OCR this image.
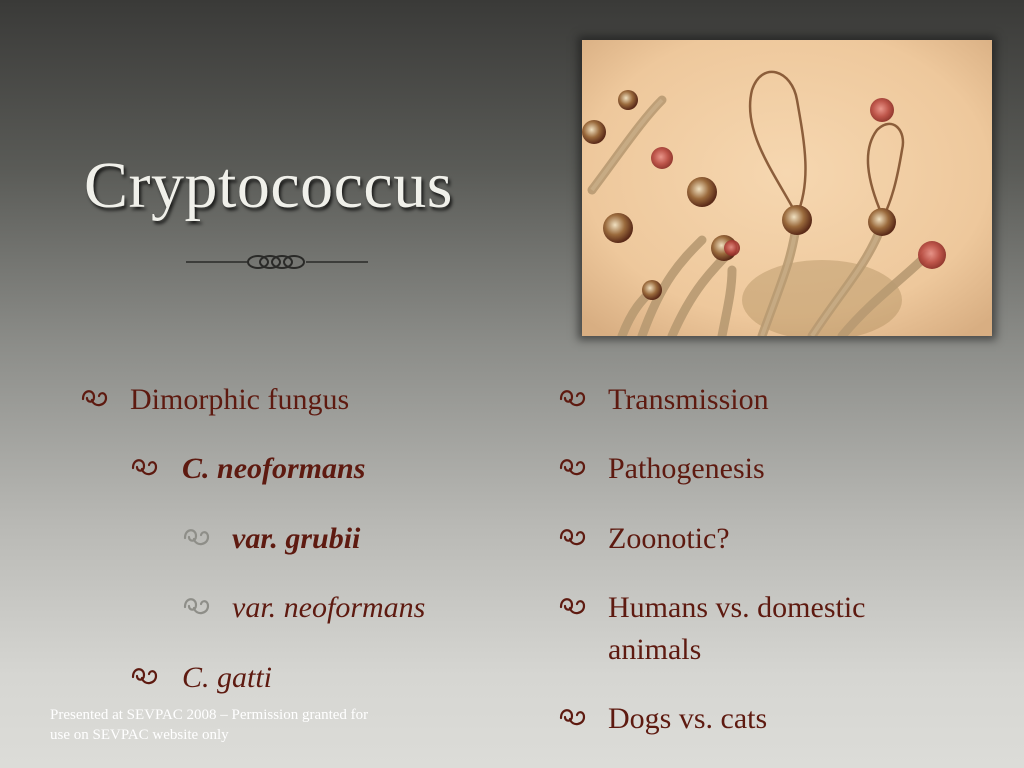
Cryptococcus
Dimorphic fungus
C. neoformans
var. grubii
var. neoformans
C. gatti
Transmission
Pathogenesis
Zoonotic?
Humans vs. domestic animals
Dogs vs. cats
Presented at SEVPAC 2008 – Permission granted for use on SEVPAC website only
